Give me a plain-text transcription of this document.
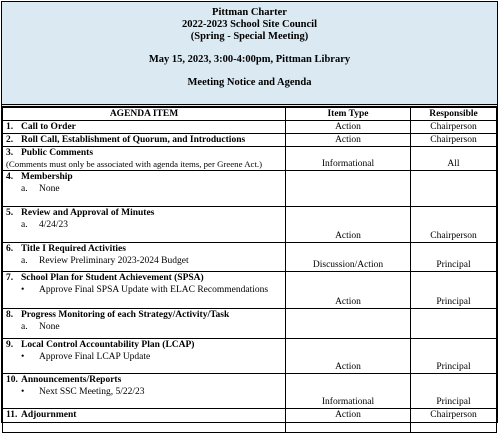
Pittman Charter
2022-2023 School Site Council
(Spring - Special Meeting)
May 15, 2023, 3:00-4:00pm, Pittman Library
Meeting Notice and Agenda
AGENDA ITEM	Item Type	Responsible

1. Call to Order	Action	Chairperson

2. Roll Call, Establishment of Quorum, and Introductions	Action	Chairperson

3. Public Comments
(Comments must only be associated with agenda items, per Greene Act.)	Informational	All

4. Membership
a. None		

5. Review and Approval of Minutes
a. 4/24/23	Action	Chairperson

6. Title I Required Activities
a. Review Preliminary 2023-2024 Budget	Discussion/Action	Principal

7. School Plan for Student Achievement (SPSA)
• Approve Final SPSA Update with ELAC Recommendations	Action	Principal

8. Progress Monitoring of each Strategy/Activity/Task
a. None		

9. Local Control Accountability Plan (LCAP)
• Approve Final LCAP Update	Action	Principal

10. Announcements/Reports
• Next SSC Meeting, 5/22/23	Informational	Principal

11. Adjournment	Action	Chairperson
